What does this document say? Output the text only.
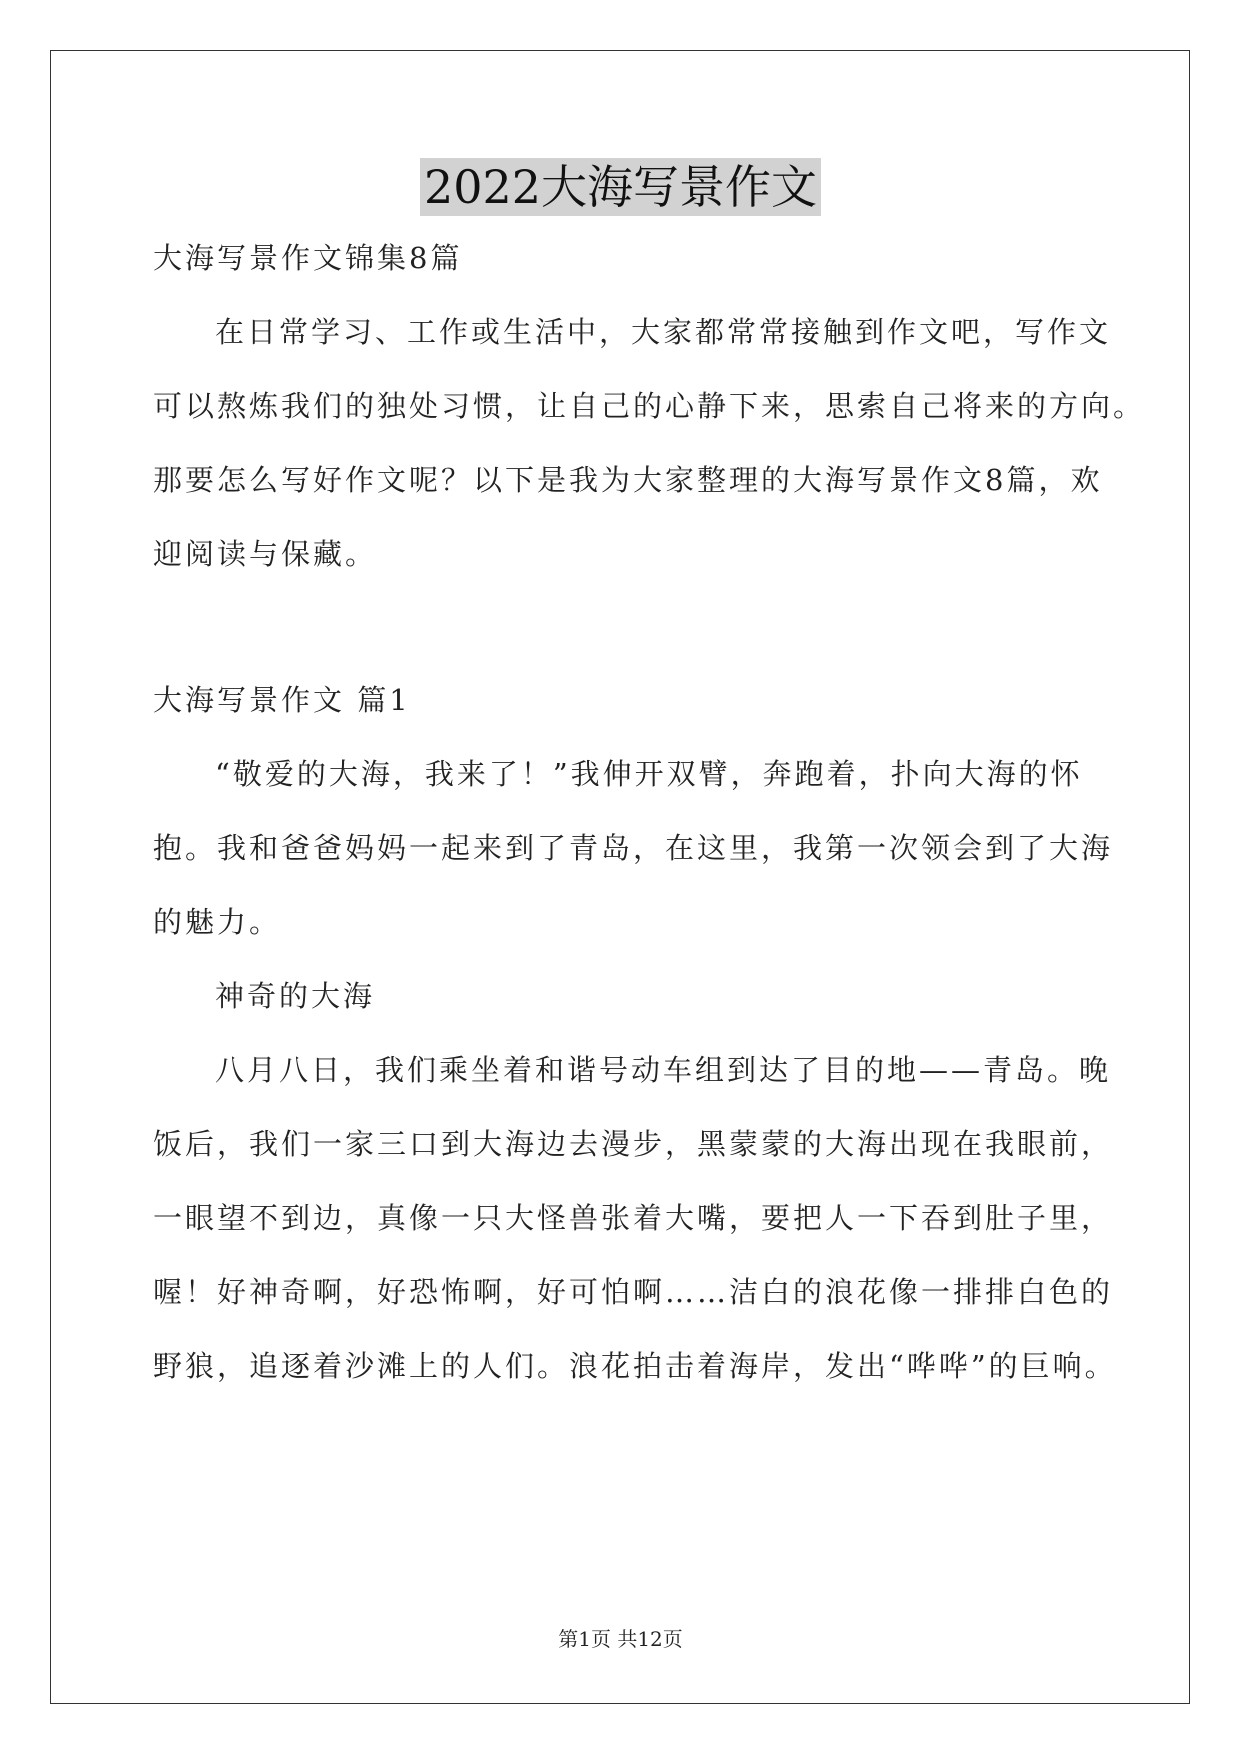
2022大海写景作文
大海写景作文锦集8篇
在日常学习、工作或生活中，大家都常常接触到作文吧，写作文
可以熬炼我们的独处习惯，让自己的心静下来，思索自己将来的方向。
那要怎么写好作文呢？以下是我为大家整理的大海写景作文8篇，欢
迎阅读与保藏。
大海写景作文 篇1
“敬爱的大海，我来了！”我伸开双臂，奔跑着，扑向大海的怀
抱。我和爸爸妈妈一起来到了青岛，在这里，我第一次领会到了大海
的魅力。
神奇的大海
八月八日，我们乘坐着和谐号动车组到达了目的地——青岛。晚
饭后，我们一家三口到大海边去漫步，黑蒙蒙的大海出现在我眼前，
一眼望不到边，真像一只大怪兽张着大嘴，要把人一下吞到肚子里，
喔！好神奇啊，好恐怖啊，好可怕啊……洁白的浪花像一排排白色的
野狼，追逐着沙滩上的人们。浪花拍击着海岸，发出“哗哗”的巨响。
第1页 共12页
